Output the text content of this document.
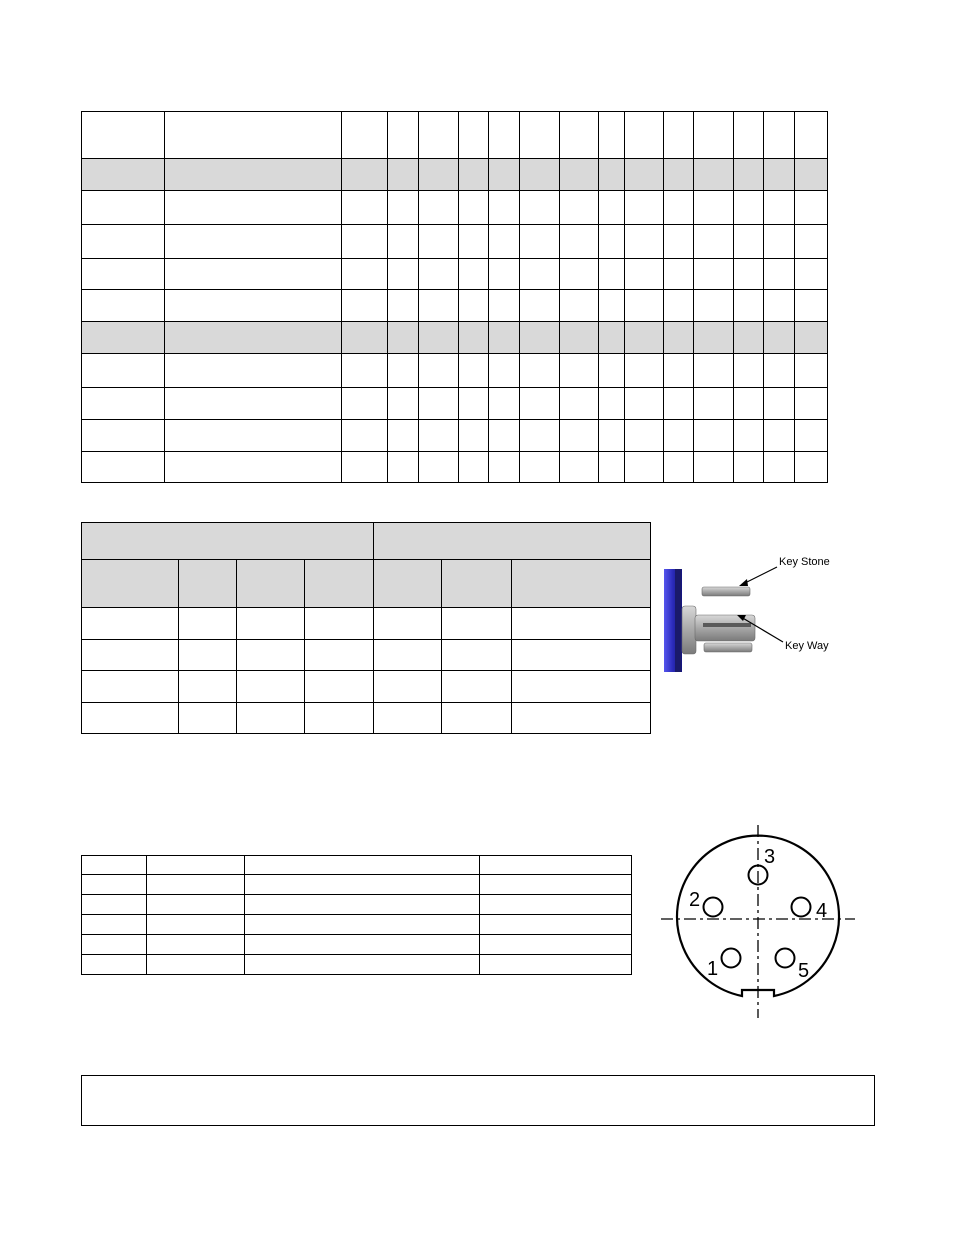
Key Stone
Key Way

3
2	4
1	5
